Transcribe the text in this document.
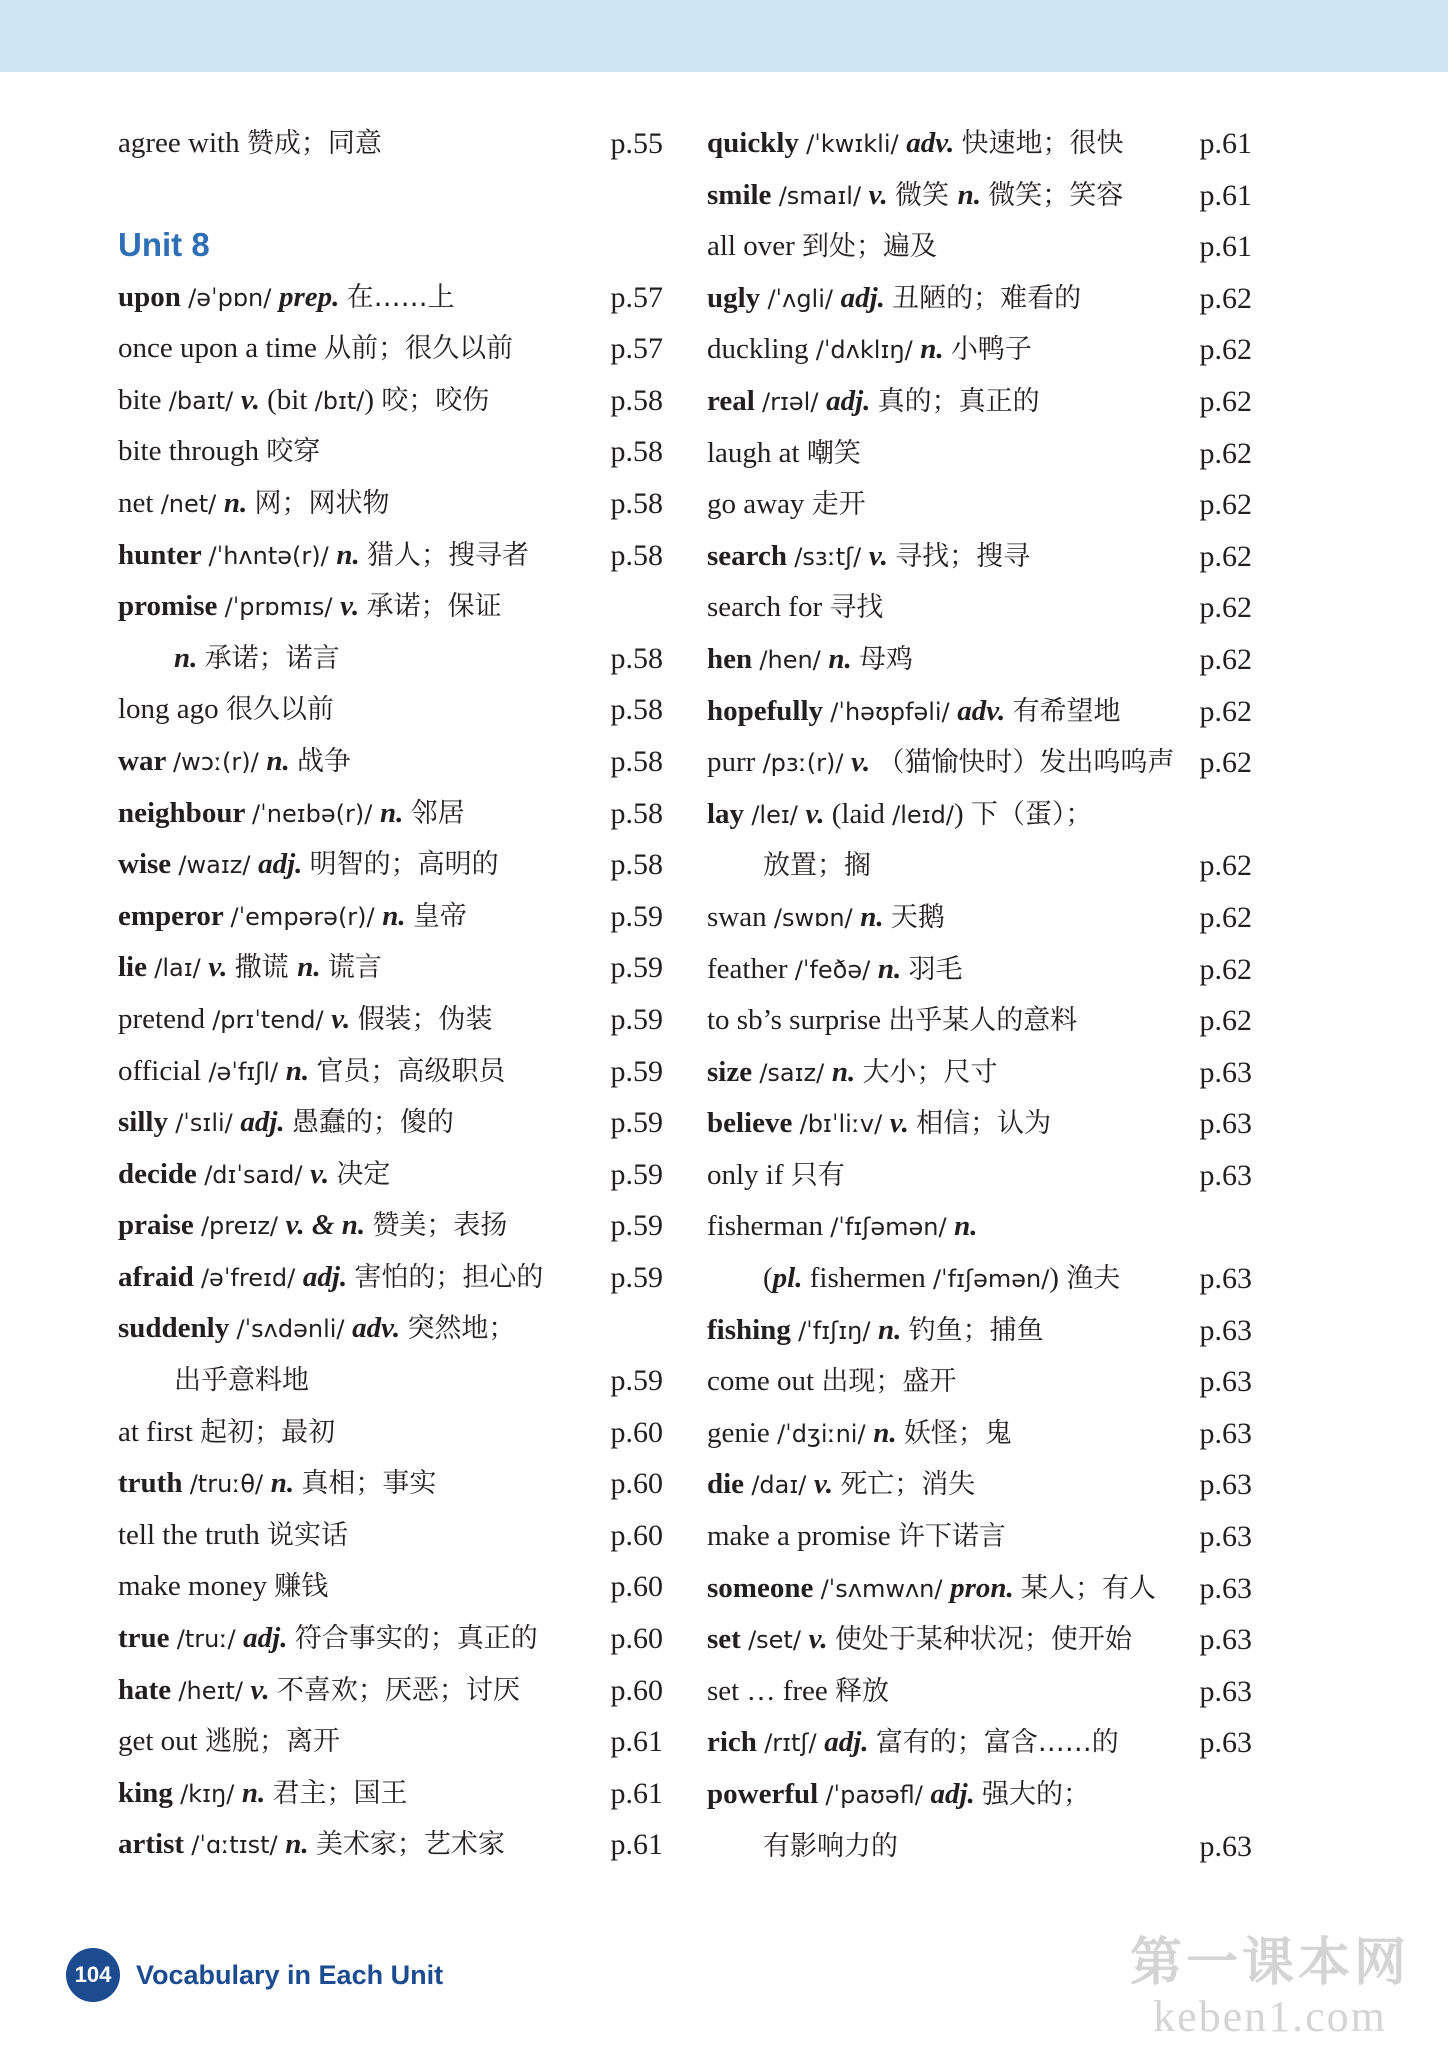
agree with 赞成；同意	p.55
Unit 8
upon /əˈpɒn/ prep. 在……上	p.57
once upon a time 从前；很久以前	p.57
bite /baɪt/ v. (bit /bɪt/) 咬；咬伤	p.58
bite through 咬穿	p.58
net /net/ n. 网；网状物	p.58
hunter /ˈhʌntə(r)/ n. 猎人；搜寻者	p.58
promise /ˈprɒmɪs/ v. 承诺；保证
n. 承诺；诺言	p.58
long ago 很久以前	p.58
war /wɔː(r)/ n. 战争	p.58
neighbour /ˈneɪbə(r)/ n. 邻居	p.58
wise /waɪz/ adj. 明智的；高明的	p.58
emperor /ˈempərə(r)/ n. 皇帝	p.59
lie /laɪ/ v. 撒谎 n. 谎言	p.59
pretend /prɪˈtend/ v. 假装；伪装	p.59
official /əˈfɪʃl/ n. 官员；高级职员	p.59
silly /ˈsɪli/ adj. 愚蠢的；傻的	p.59
decide /dɪˈsaɪd/ v. 决定	p.59
praise /preɪz/ v. & n. 赞美；表扬	p.59
afraid /əˈfreɪd/ adj. 害怕的；担心的 p.59
suddenly /ˈsʌdənli/ adv. 突然地；
出乎意料地	p.59
at first 起初；最初	p.60
truth /truːθ/ n. 真相；事实	p.60
tell the truth 说实话	p.60
make money 赚钱	p.60
true /truː/ adj. 符合事实的；真正的 p.60
hate /heɪt/ v. 不喜欢；厌恶；讨厌	p.60
get out 逃脱；离开	p.61
king /kɪŋ/ n. 君主；国王	p.61
artist /ˈɑːtɪst/ n. 美术家；艺术家	p.61
quickly /ˈkwɪkli/ adv. 快速地；很快	p.61
smile /smaɪl/ v. 微笑 n. 微笑；笑容	p.61
all over 到处；遍及	p.61
ugly /ˈʌgli/ adj. 丑陋的；难看的	p.62
duckling /ˈdʌklɪŋ/ n. 小鸭子	p.62
real /rɪəl/ adj. 真的；真正的	p.62
laugh at 嘲笑	p.62
go away 走开	p.62
search /sɜːtʃ/ v. 寻找；搜寻	p.62
search for 寻找	p.62
hen /hen/ n. 母鸡	p.62
hopefully /ˈhəʊpfəli/ adv. 有希望地	p.62
purr /pɜː(r)/ v. （猫愉快时）发出呜呜声 p.62
lay /leɪ/ v. (laid /leɪd/) 下（蛋）；
放置；搁	p.62
swan /swɒn/ n. 天鹅	p.62
feather /ˈfeðə/ n. 羽毛	p.62
to sb’s surprise 出乎某人的意料	p.62
size /saɪz/ n. 大小；尺寸	p.63
believe /bɪˈliːv/ v. 相信；认为	p.63
only if 只有	p.63
fisherman /ˈfɪʃəmən/ n.
(pl. fishermen /ˈfɪʃəmən/) 渔夫	p.63
fishing /ˈfɪʃɪŋ/ n. 钓鱼；捕鱼	p.63
come out 出现；盛开	p.63
genie /ˈdʒiːni/ n. 妖怪；鬼	p.63
die /daɪ/ v. 死亡；消失	p.63
make a promise 许下诺言	p.63
someone /ˈsʌmwʌn/ pron. 某人；有人 p.63
set /set/ v. 使处于某种状况；使开始 p.63
set … free 释放	p.63
rich /rɪtʃ/ adj. 富有的；富含……的	p.63
powerful /ˈpaʊəfl/ adj. 强大的；
有影响力的	p.63
104 Vocabulary in Each Unit	第一课本网
keben1.com
